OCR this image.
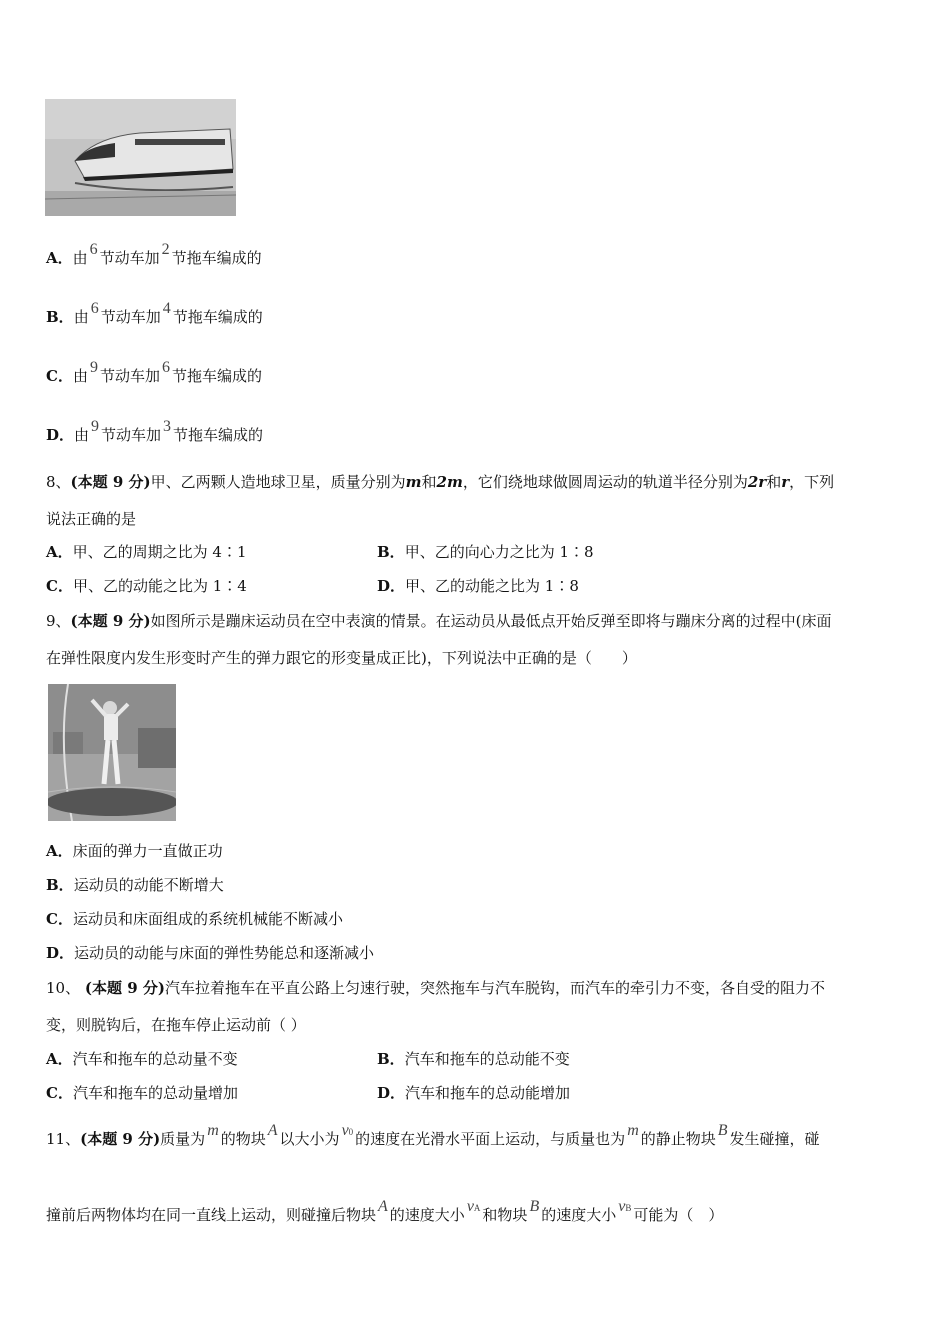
A．由 6 节动车加 2 节拖车编成的
B．由 6 节动车加 4 节拖车编成的
C．由 9 节动车加 6 节拖车编成的
D．由 9 节动车加 3 节拖车编成的
8、(本题 9 分)甲、乙两颗人造地球卫星，质量分别为m和2m，它们绕地球做圆周运动的轨道半径分别为2r和r，下列
说法正确的是
A．甲、乙的周期之比为 4∶1	B．甲、乙的向心力之比为 1∶8
C．甲、乙的动能之比为 1∶4	D．甲、乙的动能之比为 1∶8
9、(本题 9 分)如图所示是蹦床运动员在空中表演的情景。在运动员从最低点开始反弹至即将与蹦床分离的过程中(床面
在弹性限度内发生形变时产生的弹力跟它的形变量成正比)，下列说法中正确的是（　　）
A．床面的弹力一直做正功
B．运动员的动能不断增大
C．运动员和床面组成的系统机械能不断减小
D．运动员的动能与床面的弹性势能总和逐渐减小
10、 (本题 9 分)汽车拉着拖车在平直公路上匀速行驶，突然拖车与汽车脱钩，而汽车的牵引力不变，各自受的阻力不
变，则脱钩后，在拖车停止运动前（ ）
A．汽车和拖车的总动量不变	B．汽车和拖车的总动能不变
C．汽车和拖车的总动量增加	D．汽车和拖车的总动能增加
11、(本题 9 分)质量为 m 的物块 A 以大小为 v0 的速度在光滑水平面上运动，与质量也为 m 的静止物块 B 发生碰撞，碰
撞前后两物体均在同一直线上运动，则碰撞后物块 A 的速度大小 vA 和物块 B 的速度大小 vB 可能为（　）
